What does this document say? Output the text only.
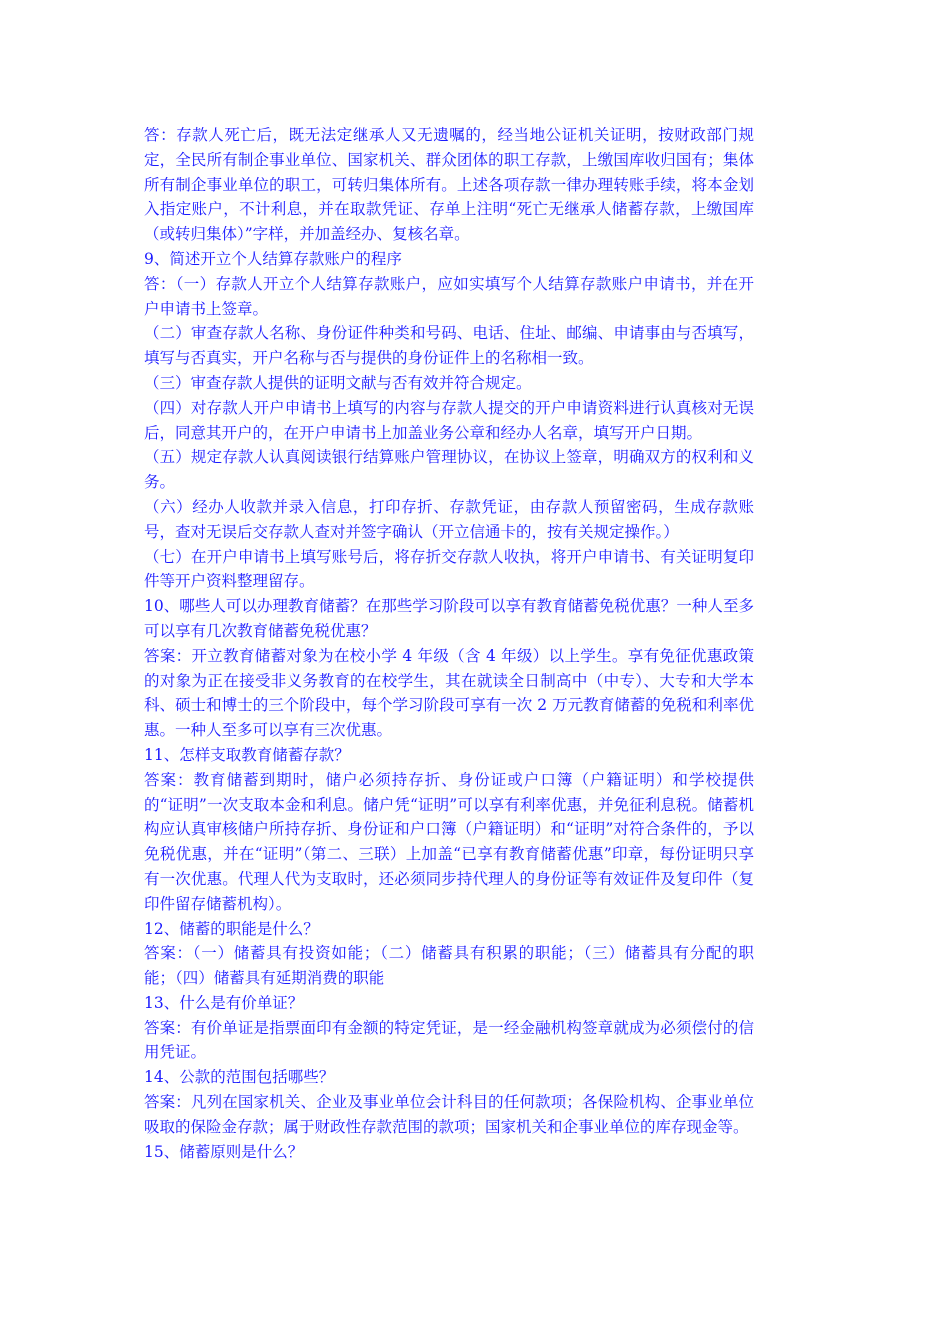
答：存款人死亡后，既无法定继承人又无遗嘱的，经当地公证机关证明，按财政部门规定，全民所有制企事业单位、国家机关、群众团体的职工存款，上缴国库收归国有；集体所有制企事业单位的职工，可转归集体所有。上述各项存款一律办理转账手续，将本金划入指定账户，不计利息，并在取款凭证、存单上注明“死亡无继承人储蓄存款，上缴国库（或转归集体）”字样，并加盖经办、复核名章。

9、简述开立个人结算存款账户的程序

答：（一）存款人开立个人结算存款账户，应如实填写个人结算存款账户申请书，并在开户申请书上签章。

（二）审查存款人名称、身份证件种类和号码、电话、住址、邮编、申请事由与否填写，填写与否真实，开户名称与否与提供的身份证件上的名称相一致。

（三）审查存款人提供的证明文献与否有效并符合规定。

（四）对存款人开户申请书上填写的内容与存款人提交的开户申请资料进行认真核对无误后，同意其开户的，在开户申请书上加盖业务公章和经办人名章，填写开户日期。

（五）规定存款人认真阅读银行结算账户管理协议，在协议上签章，明确双方的权利和义务。

（六）经办人收款并录入信息，打印存折、存款凭证，由存款人预留密码，生成存款账号，查对无误后交存款人查对并签字确认（开立信通卡的，按有关规定操作。）

（七）在开户申请书上填写账号后，将存折交存款人收执，将开户申请书、有关证明复印件等开户资料整理留存。

10、哪些人可以办理教育储蓄？在那些学习阶段可以享有教育储蓄免税优惠？一种人至多可以享有几次教育储蓄免税优惠？

答案：开立教育储蓄对象为在校小学 4 年级（含 4 年级）以上学生。享有免征优惠政策的对象为正在接受非义务教育的在校学生，其在就读全日制高中（中专）、大专和大学本科、硕士和博士的三个阶段中，每个学习阶段可享有一次 2 万元教育储蓄的免税和利率优惠。一种人至多可以享有三次优惠。

11、怎样支取教育储蓄存款？

答案：教育储蓄到期时，储户必须持存折、身份证或户口簿（户籍证明）和学校提供的“证明”一次支取本金和利息。储户凭“证明”可以享有利率优惠，并免征利息税。储蓄机构应认真审核储户所持存折、身份证和户口簿（户籍证明）和“证明”对符合条件的，予以免税优惠，并在“证明”（第二、三联）上加盖“已享有教育储蓄优惠”印章，每份证明只享有一次优惠。代理人代为支取时，还必须同步持代理人的身份证等有效证件及复印件（复印件留存储蓄机构）。

12、储蓄的职能是什么？

答案：（一）储蓄具有投资如能；（二）储蓄具有积累的职能；（三）储蓄具有分配的职能；（四）储蓄具有延期消费的职能

13、什么是有价单证？

答案：有价单证是指票面印有金额的特定凭证，是一经金融机构签章就成为必须偿付的信用凭证。

14、公款的范围包括哪些？

答案：凡列在国家机关、企业及事业单位会计科目的任何款项；各保险机构、企事业单位吸取的保险金存款；属于财政性存款范围的款项；国家机关和企事业单位的库存现金等。

15、储蓄原则是什么？
